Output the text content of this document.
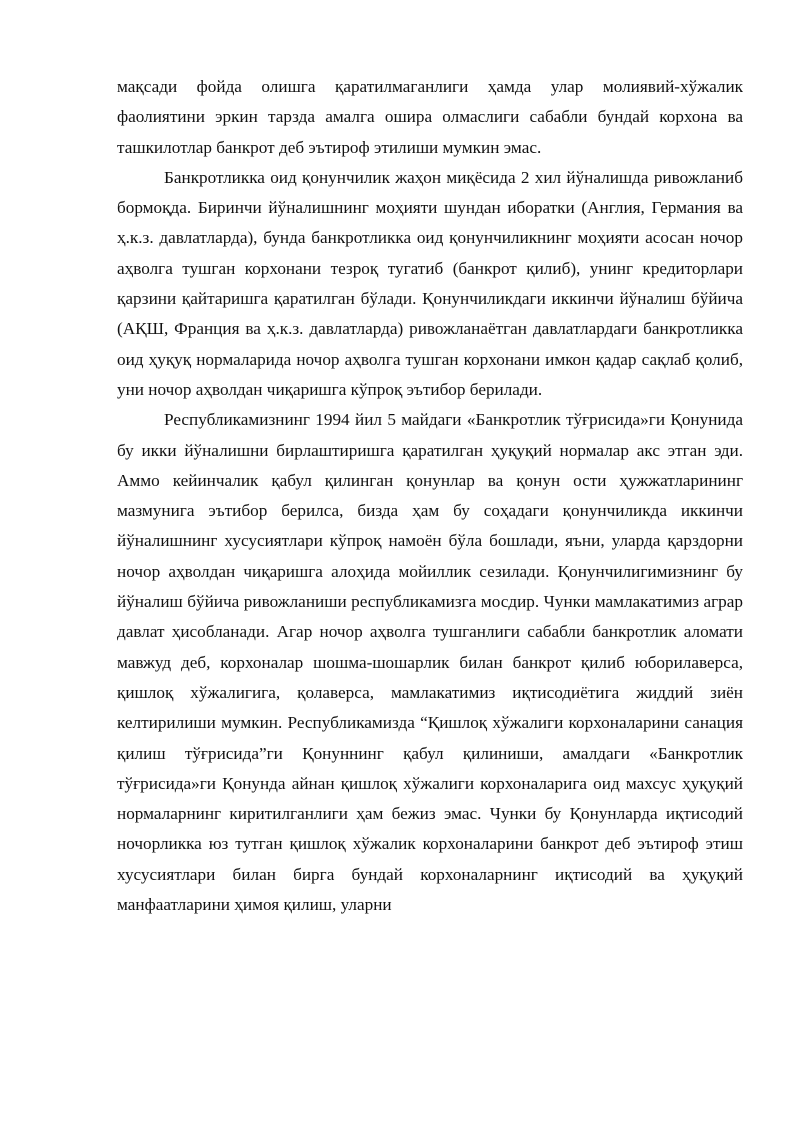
мақсади фойда олишга қаратилмаганлиги ҳамда улар молиявий-хўжалик фаолиятини эркин тарзда амалга ошира олмаслиги сабабли бундай корхона ва ташкилотлар банкрот деб эътироф этилиши мумкин эмас.

Банкротликка оид қонунчилик жаҳон миқёсида 2 хил йўналишда ривожланиб бормоқда. Биринчи йўналишнинг моҳияти шундан иборатки (Англия, Германия ва ҳ.к.з. давлатларда), бунда банкротликка оид қонунчиликнинг моҳияти асосан ночор аҳволга тушган корхонани тезроқ тугатиб (банкрот қилиб), унинг кредиторлари қарзини қайтаришга қаратилган бўлади. Қонунчиликдаги иккинчи йўналиш бўйича (АҚШ, Франция ва ҳ.к.з. давлатларда) ривожланаётган давлатлардаги банкротликка оид ҳуқуқ нормаларида ночор аҳволга тушган корхонани имкон қадар сақлаб қолиб, уни ночор аҳволдан чиқаришга кўпроқ эътибор берилади.

Республикамизнинг 1994 йил 5 майдаги «Банкротлик тўғрисида»ги Қонунида бу икки йўналишни бирлаштиришга қаратилган ҳуқуқий нормалар акс этган эди. Аммо кейинчалик қабул қилинган қонунлар ва қонун ости ҳужжатларининг мазмунига эътибор берилса, бизда ҳам бу соҳадаги қонунчиликда иккинчи йўналишнинг хусусиятлари кўпроқ намоён бўла бошлади, яъни, уларда қарздорни ночор аҳволдан чиқаришга алоҳида мойиллик сезилади. Қонунчилигимизнинг бу йўналиш бўйича ривожланиши республикамизга мосдир. Чунки мамлакатимиз аграр давлат ҳисобланади. Агар ночор аҳволга тушганлиги сабабли банкротлик аломати мавжуд деб, корхоналар шошма-шошарлик билан банкрот қилиб юборилаверса, қишлоқ хўжалигига, қолаверса, мамлакатимиз иқтисодиётига жиддий зиён келтирилиши мумкин. Республикамизда “Қишлоқ хўжалиги корхоналарини санация қилиш тўғрисида”ги Қонуннинг қабул қилиниши, амалдаги «Банкротлик тўғрисида»ги Қонунда айнан қишлоқ хўжалиги корхоналарига оид махсус ҳуқуқий нормаларнинг киритилганлиги ҳам бежиз эмас. Чунки бу Қонунларда иқтисодий ночорликка юз тутган қишлоқ хўжалик корхоналарини банкрот деб эътироф этиш хусусиятлари билан бирга бундай корхоналарнинг иқтисодий ва ҳуқуқий манфаатларини ҳимоя қилиш, уларни
